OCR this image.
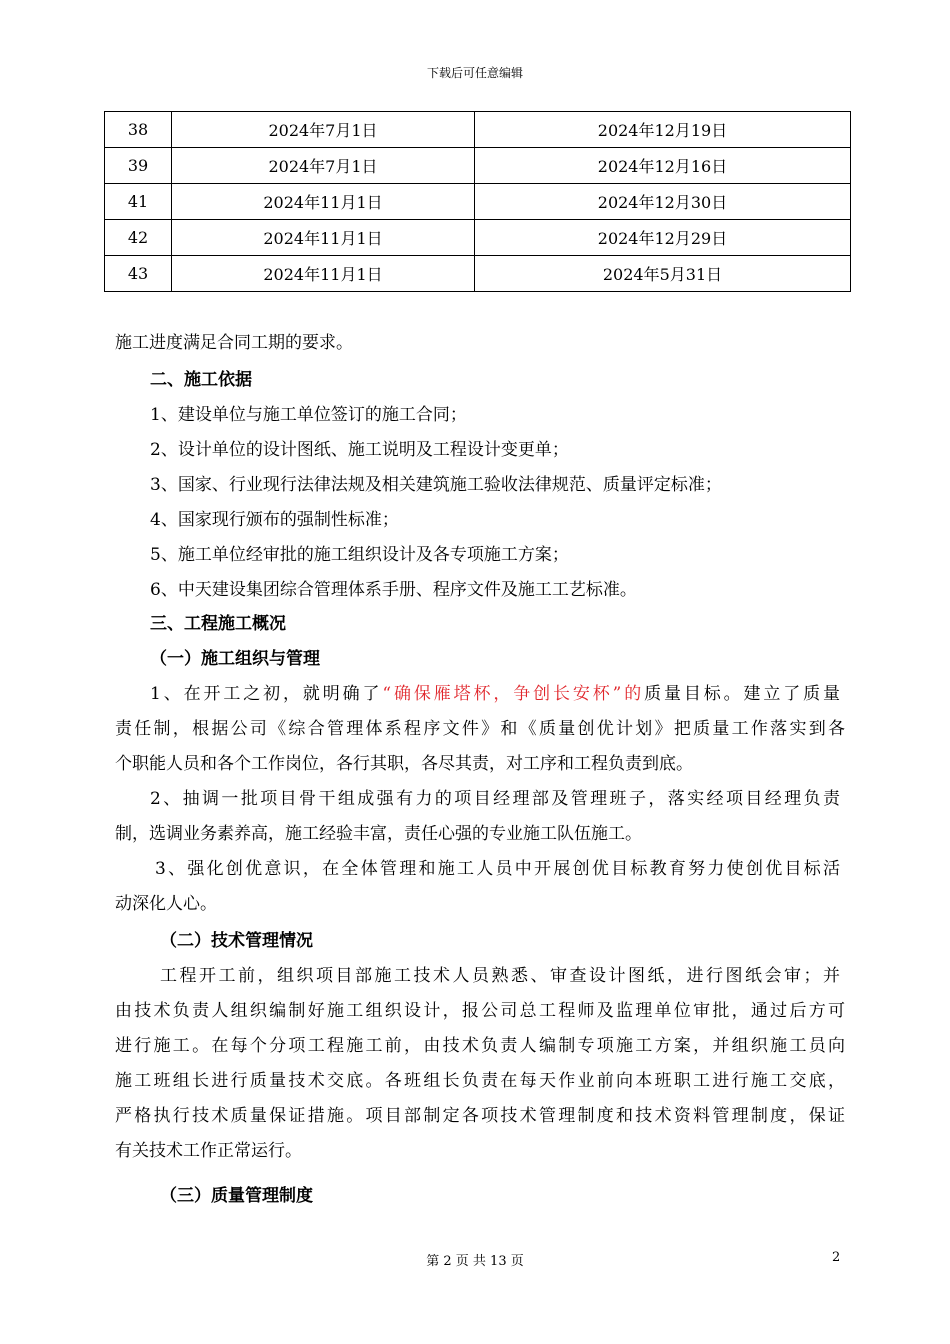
下载后可任意编辑
38	2024年7月1日	2024年12月19日
39	2024年7月1日	2024年12月16日
41	2024年11月1日	2024年12月30日
42	2024年11月1日	2024年12月29日
43	2024年11月1日	2024年5月31日
施工进度满足合同工期的要求。
二、施工依据
1、建设单位与施工单位签订的施工合同；
2、设计单位的设计图纸、施工说明及工程设计变更单；
3、国家、行业现行法律法规及相关建筑施工验收法律规范、质量评定标准；
4、国家现行颁布的强制性标准；
5、施工单位经审批的施工组织设计及各专项施工方案；
6、中天建设集团综合管理体系手册、程序文件及施工工艺标准。
三、工程施工概况
（一）施工组织与管理
1、在开工之初，就明确了“确保雁塔杯，争创长安杯”的质量目标。建立了质量
责任制，根据公司《综合管理体系程序文件》和《质量创优计划》把质量工作落实到各
个职能人员和各个工作岗位，各行其职，各尽其责，对工序和工程负责到底。
2、抽调一批项目骨干组成强有力的项目经理部及管理班子，落实经项目经理负责
制，选调业务素养高，施工经验丰富，责任心强的专业施工队伍施工。
3、强化创优意识，在全体管理和施工人员中开展创优目标教育努力使创优目标活
动深化人心。
（二）技术管理情况
工程开工前，组织项目部施工技术人员熟悉、审查设计图纸，进行图纸会审；并
由技术负责人组织编制好施工组织设计，报公司总工程师及监理单位审批，通过后方可
进行施工。在每个分项工程施工前，由技术负责人编制专项施工方案，并组织施工员向
施工班组长进行质量技术交底。各班组长负责在每天作业前向本班职工进行施工交底，
严格执行技术质量保证措施。项目部制定各项技术管理制度和技术资料管理制度，保证
有关技术工作正常运行。
（三）质量管理制度
第 2 页 共 13 页	2
